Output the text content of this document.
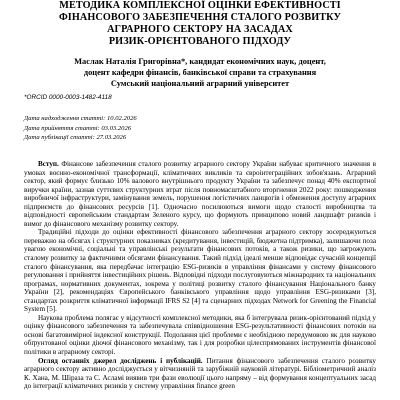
МЕТОДИКА КОМПЛЕКСНОЇ ОЦІНКИ ЕФЕКТИВНОСТІ
ФІНАНСОВОГО ЗАБЕЗПЕЧЕННЯ СТАЛОГО РОЗВИТКУ
АГРАРНОГО СЕКТОРУ НА ЗАСАДАХ
РИЗИК-ОРІЄНТОВАНОГО ПІДХОДУ
Маслак Наталія Григорівна*, кандидат економічних наук, доцент,
доцент кафедри фінансів, банківської справи та страхування
Сумський національний аграрний університет
*ORCID 0000-0003-1482-4118
Дата надходження статті: 10.02.2026
Дата прийняття статті: 03.03.2026
Дата публікації статті: 27.03.2026

Вступ. Фінансове забезпечення сталого розвитку аграрного сектору України набуває критичного значення в умовах воєнно-економічної трансформації, кліматичних викликів та євроінтеграційних зобов'язань. Аграрний сектор, який формує близько 10% валового внутрішнього продукту України та забезпечує понад 40% експортної виручки країни, зазнав суттєвих структурних втрат після повномасштабного вторгнення 2022 року: пошкодження виробничої інфраструктури, замінування земель, порушення логістичних ланцюгів і обмеження доступу аграрних підприємств до фінансових ресурсів [1]. Одночасно посилюються вимоги щодо сталості виробництва та відповідності європейським стандартам Зеленого курсу, що формують принципово новий ландшафт ризиків і вимог до фінансового механізму розвитку сектору.

Традиційні підходи до оцінки ефективності фінансового забезпечення аграрного сектору зосереджуються переважно на обсягах і структурних показниках (кредитування, інвестицій, бюджетна підтримка), залишаючи поза увагою економічні, соціальні та управлінські результати фінансових потоків, а також ризики, що загрожують сталому розвитку за фактичними обсягами фінансування. Такий підхід ідеалі менше відповідає сучасній концепції сталого фінансування, яка передбачає інтеграцію ESG-ризиків в управління фінансами у систему фінансового регулювання і прийняття інвестиційних рішень. Відповідні підходи послуговуються міжнародних та національних програмах, нормативних документах, зокрема у політиці розвитку сталого фінансування Національного банку України [2], рекомендаціях Європейського банківського управління щодо управління ESG-ризиками [3], стандартах розкриття кліматичної інформації IFRS S2 [4] та сценарних підходах Network for Greening the Financial System [5].

Наукова проблема полягає у відсутності комплексної методики, яка б інтегрувала ризик-орієнтований підхід у оцінку фінансового забезпечення та забезпечувала співвідношення ESG-результативності фінансових потоків на основі багатовимірної індексної конструкції. Подолання цієї проблеми є необхідною передумовою як для науково обґрунтованої оцінки діючої фінансового механізму, так і для розробки цілеспрямованих інструментів фінансової політики в аграрному секторі.

Огляд останніх джерел досліджень і публікацій. Питання фінансового забезпечення сталого розвитку аграрного сектору активно досліджується у вітчизняній та зарубіжній науковій літературі. Бібліометричний аналіз К. Хана, М. Шіраза та С. Асламі виявив три фази еволюції цього напряму – від формування концептуальних засад до інтеграції кліматичних ризиків у систему управління finance green
